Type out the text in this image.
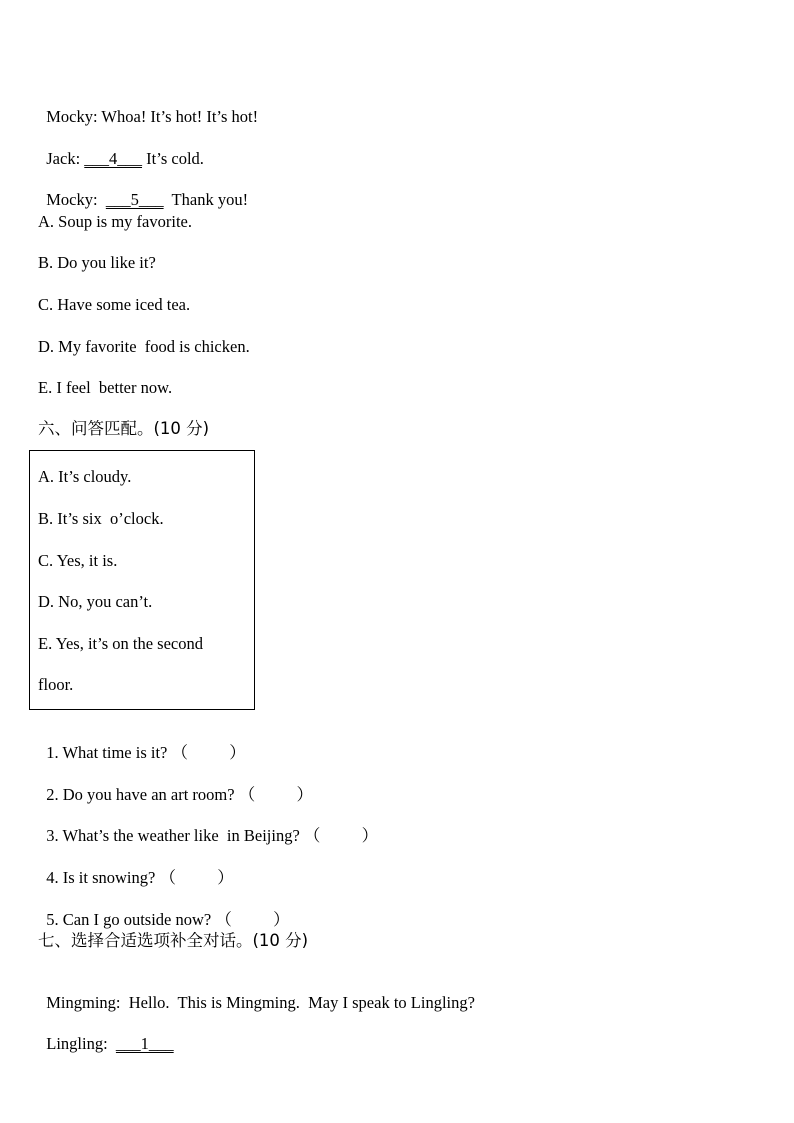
Mocky: Whoa! It’s hot! It’s hot!

Jack: ___4___ It’s cold.

Mocky: ___5___  Thank you!

A. Soup is my favorite.
B. Do you like it?
C. Have some iced tea.
D. My favorite  food is chicken.
E. I feel  better now.
六、问答匹配。(10 分)
A. It’s cloudy.
B. It’s six  o’clock.
C. Yes, it is.
D. No, you can’t.
E. Yes, it’s on the second
floor.

1. What time is it? （          ）

2. Do you have an art room? （          ）

3. What’s the weather like  in Beijing? （          ）

4. Is it snowing? （          ）

5. Can I go outside now? （          ）

七、选择合适选项补全对话。(10 分)

Mingming:  Hello.  This is Mingming.  May I speak to Lingling?

Lingling: ___1___
